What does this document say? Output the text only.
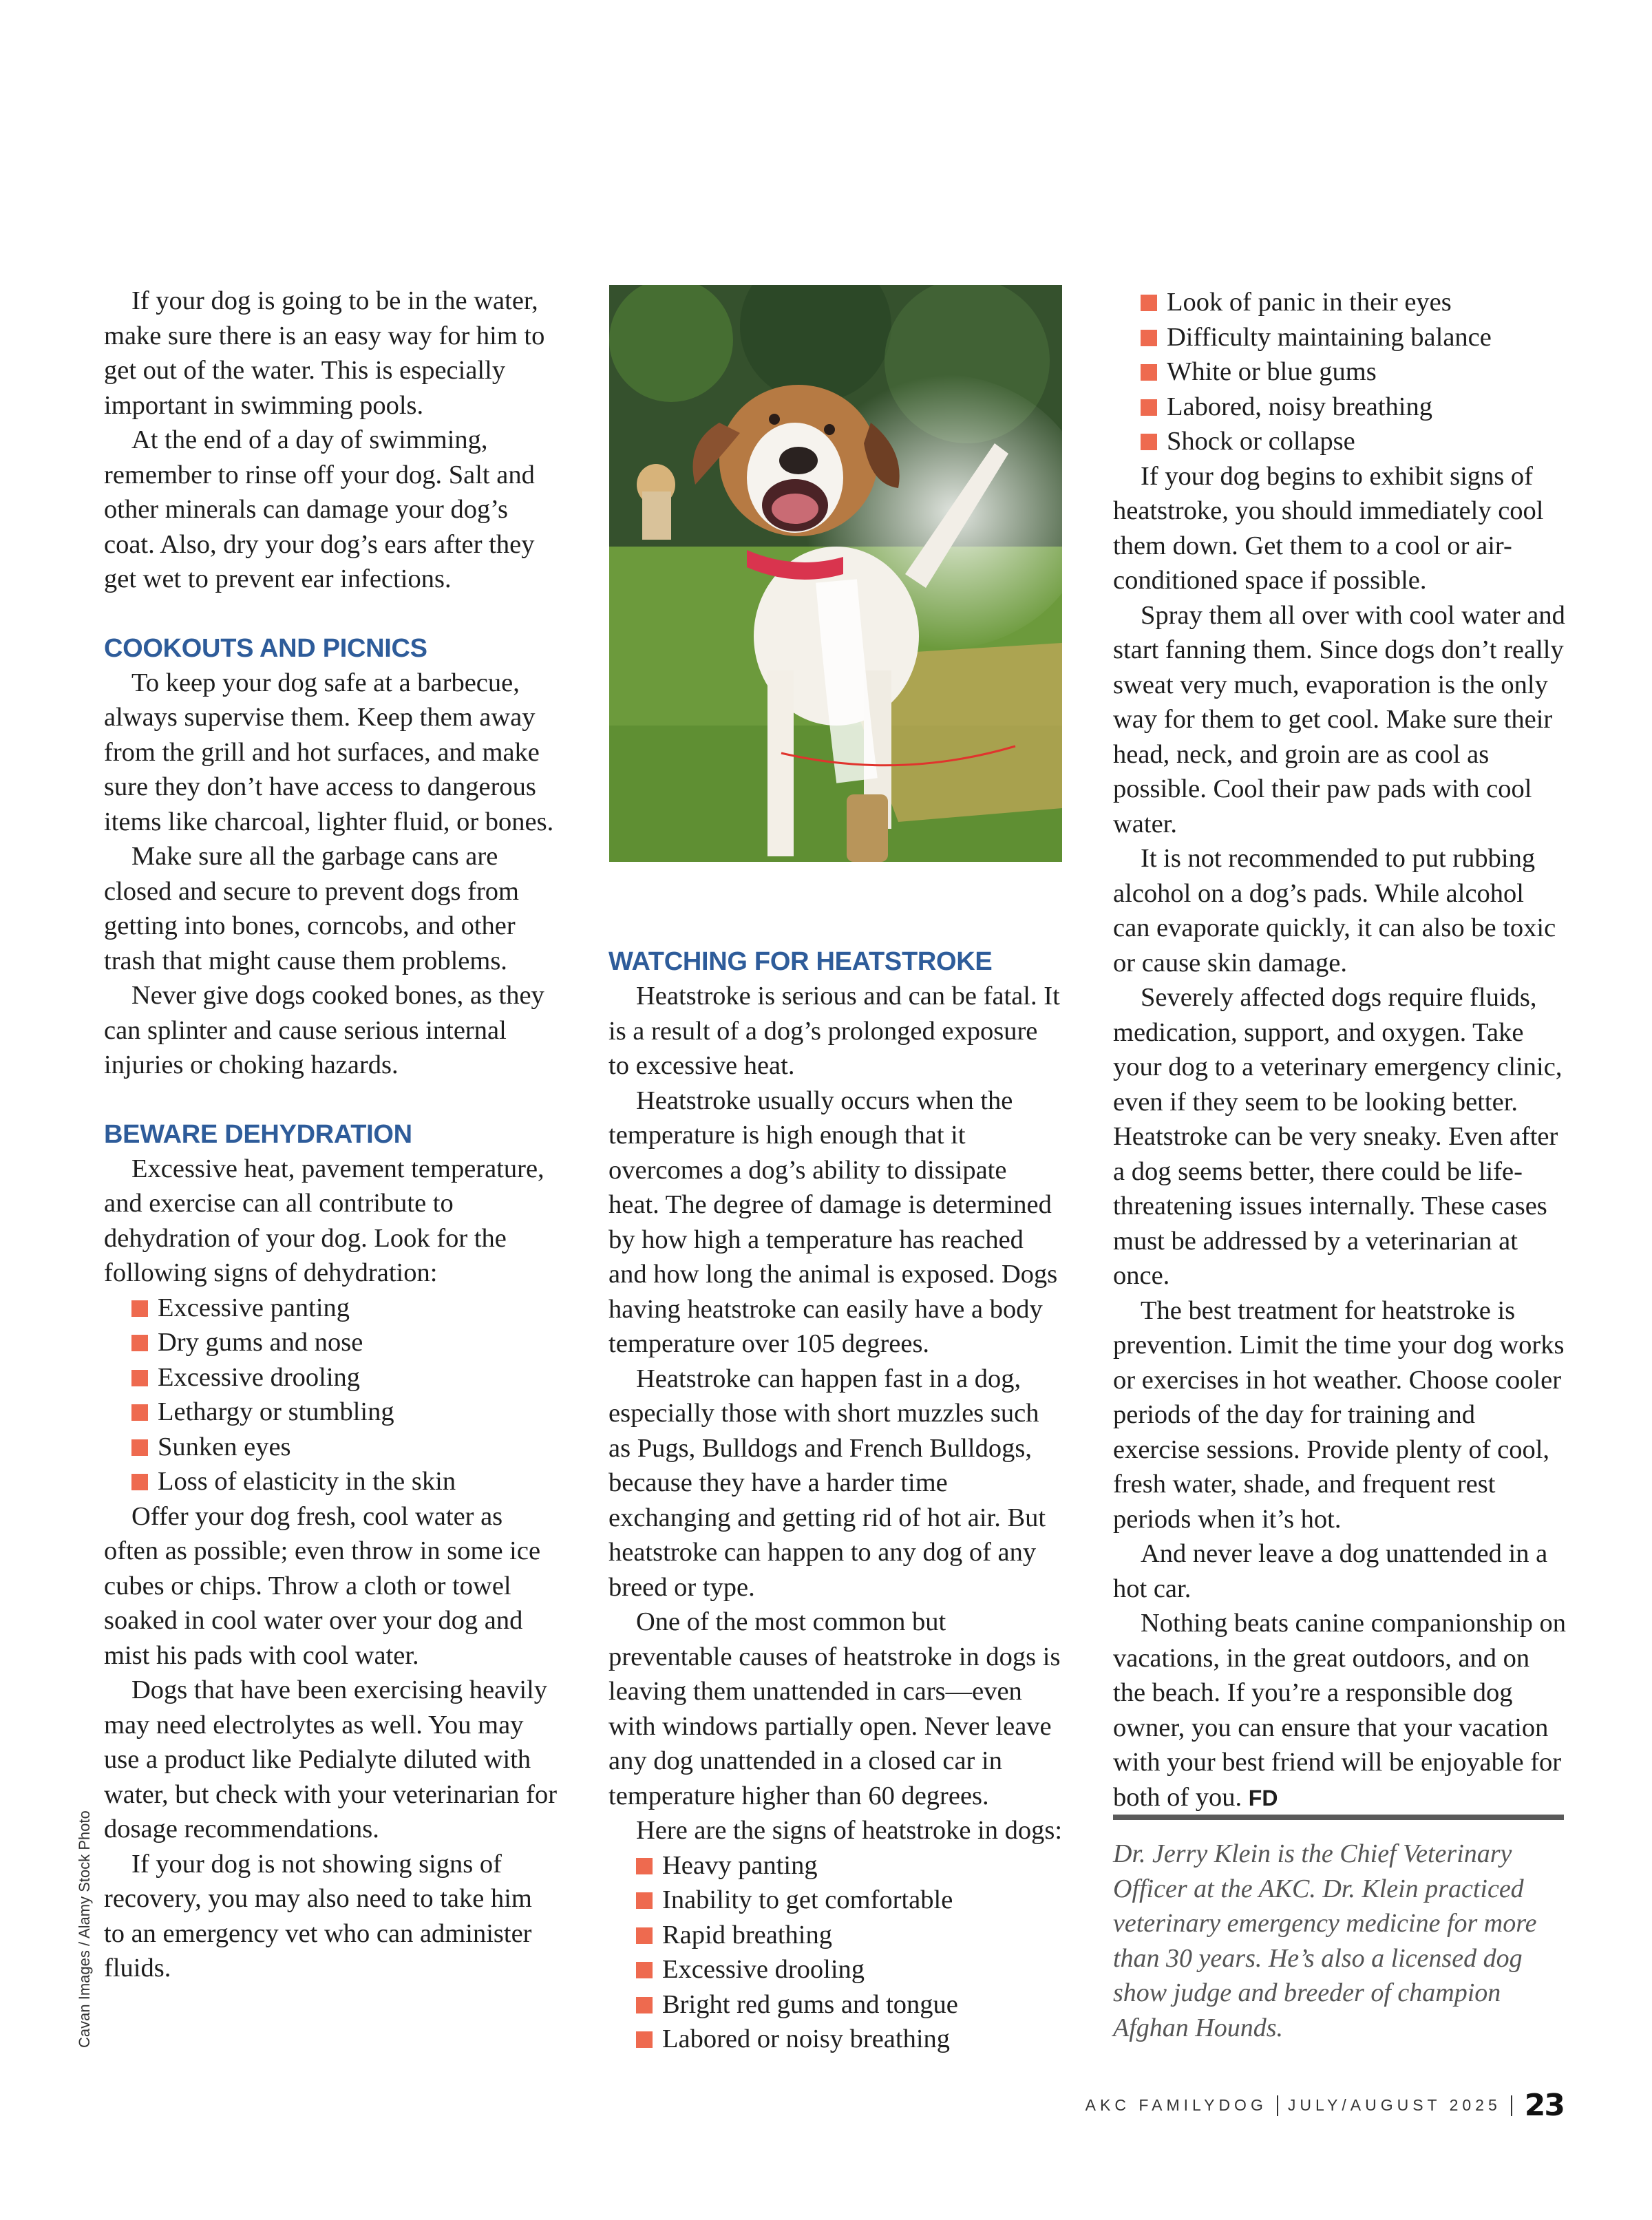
If your dog is going to be in the water, make sure there is an easy way for him to get out of the water. This is especially important in swimming pools.

At the end of a day of swimming, remember to rinse off your dog. Salt and other minerals can damage your dog’s coat. Also, dry your dog’s ears after they get wet to prevent ear infections.

COOKOUTS AND PICNICS

To keep your dog safe at a barbecue, always supervise them. Keep them away from the grill and hot surfaces, and make sure they don’t have access to dangerous items like charcoal, lighter fluid, or bones.

Make sure all the garbage cans are closed and secure to prevent dogs from getting into bones, corncobs, and other trash that might cause them problems.

Never give dogs cooked bones, as they can splinter and cause serious internal injuries or choking hazards.

BEWARE DEHYDRATION

Excessive heat, pavement temperature, and exercise can all contribute to dehydration of your dog. Look for the following signs of dehydration:

Excessive panting
Dry gums and nose
Excessive drooling
Lethargy or stumbling
Sunken eyes
Loss of elasticity in the skin

Offer your dog fresh, cool water as often as possible; even throw in some ice cubes or chips. Throw a cloth or towel soaked in cool water over your dog and mist his pads with cool water.

Dogs that have been exercising heavily may need electrolytes as well. You may use a product like Pedialyte diluted with water, but check with your veterinarian for dosage recommendations.

If your dog is not showing signs of recovery, you may also need to take him to an emergency vet who can administer fluids.

WATCHING FOR HEATSTROKE

Heatstroke is serious and can be fatal. It is a result of a dog’s prolonged exposure to excessive heat.

Heatstroke usually occurs when the temperature is high enough that it overcomes a dog’s ability to dissipate heat. The degree of damage is determined by how high a temperature has reached and how long the animal is exposed. Dogs having heatstroke can easily have a body temperature over 105 degrees.

Heatstroke can happen fast in a dog, especially those with short muzzles such as Pugs, Bulldogs and French Bulldogs, because they have a harder time exchanging and getting rid of hot air. But heatstroke can happen to any dog of any breed or type.

One of the most common but preventable causes of heatstroke in dogs is leaving them unattended in cars—even with windows partially open. Never leave any dog unattended in a closed car in temperature higher than 60 degrees.

Here are the signs of heatstroke in dogs:

Heavy panting
Inability to get comfortable
Rapid breathing
Excessive drooling
Bright red gums and tongue
Labored or noisy breathing
Look of panic in their eyes
Difficulty maintaining balance
White or blue gums
Labored, noisy breathing
Shock or collapse

If your dog begins to exhibit signs of heatstroke, you should immediately cool them down. Get them to a cool or air-conditioned space if possible.

Spray them all over with cool water and start fanning them. Since dogs don’t really sweat very much, evaporation is the only way for them to get cool. Make sure their head, neck, and groin are as cool as possible. Cool their paw pads with cool water.

It is not recommended to put rubbing alcohol on a dog’s pads. While alcohol can evaporate quickly, it can also be toxic or cause skin damage.

Severely affected dogs require fluids, medication, support, and oxygen. Take your dog to a veterinary emergency clinic, even if they seem to be looking better. Heatstroke can be very sneaky. Even after a dog seems better, there could be life-threatening issues internally. These cases must be addressed by a veterinarian at once.

The best treatment for heatstroke is prevention. Limit the time your dog works or exercises in hot weather. Choose cooler periods of the day for training and exercise sessions. Provide plenty of cool, fresh water, shade, and frequent rest periods when it’s hot.

And never leave a dog unattended in a hot car.

Nothing beats canine companionship on vacations, in the great outdoors, and on the beach. If you’re a responsible dog owner, you can ensure that your vacation with your best friend will be enjoyable for both of you. FD

Dr. Jerry Klein is the Chief Veterinary Officer at the AKC. Dr. Klein practiced veterinary emergency medicine for more than 30 years. He’s also a licensed dog show judge and breeder of champion Afghan Hounds.

Cavan Images / Alamy Stock Photo
AKC FAMILYDOG JULY/AUGUST 2025 23
